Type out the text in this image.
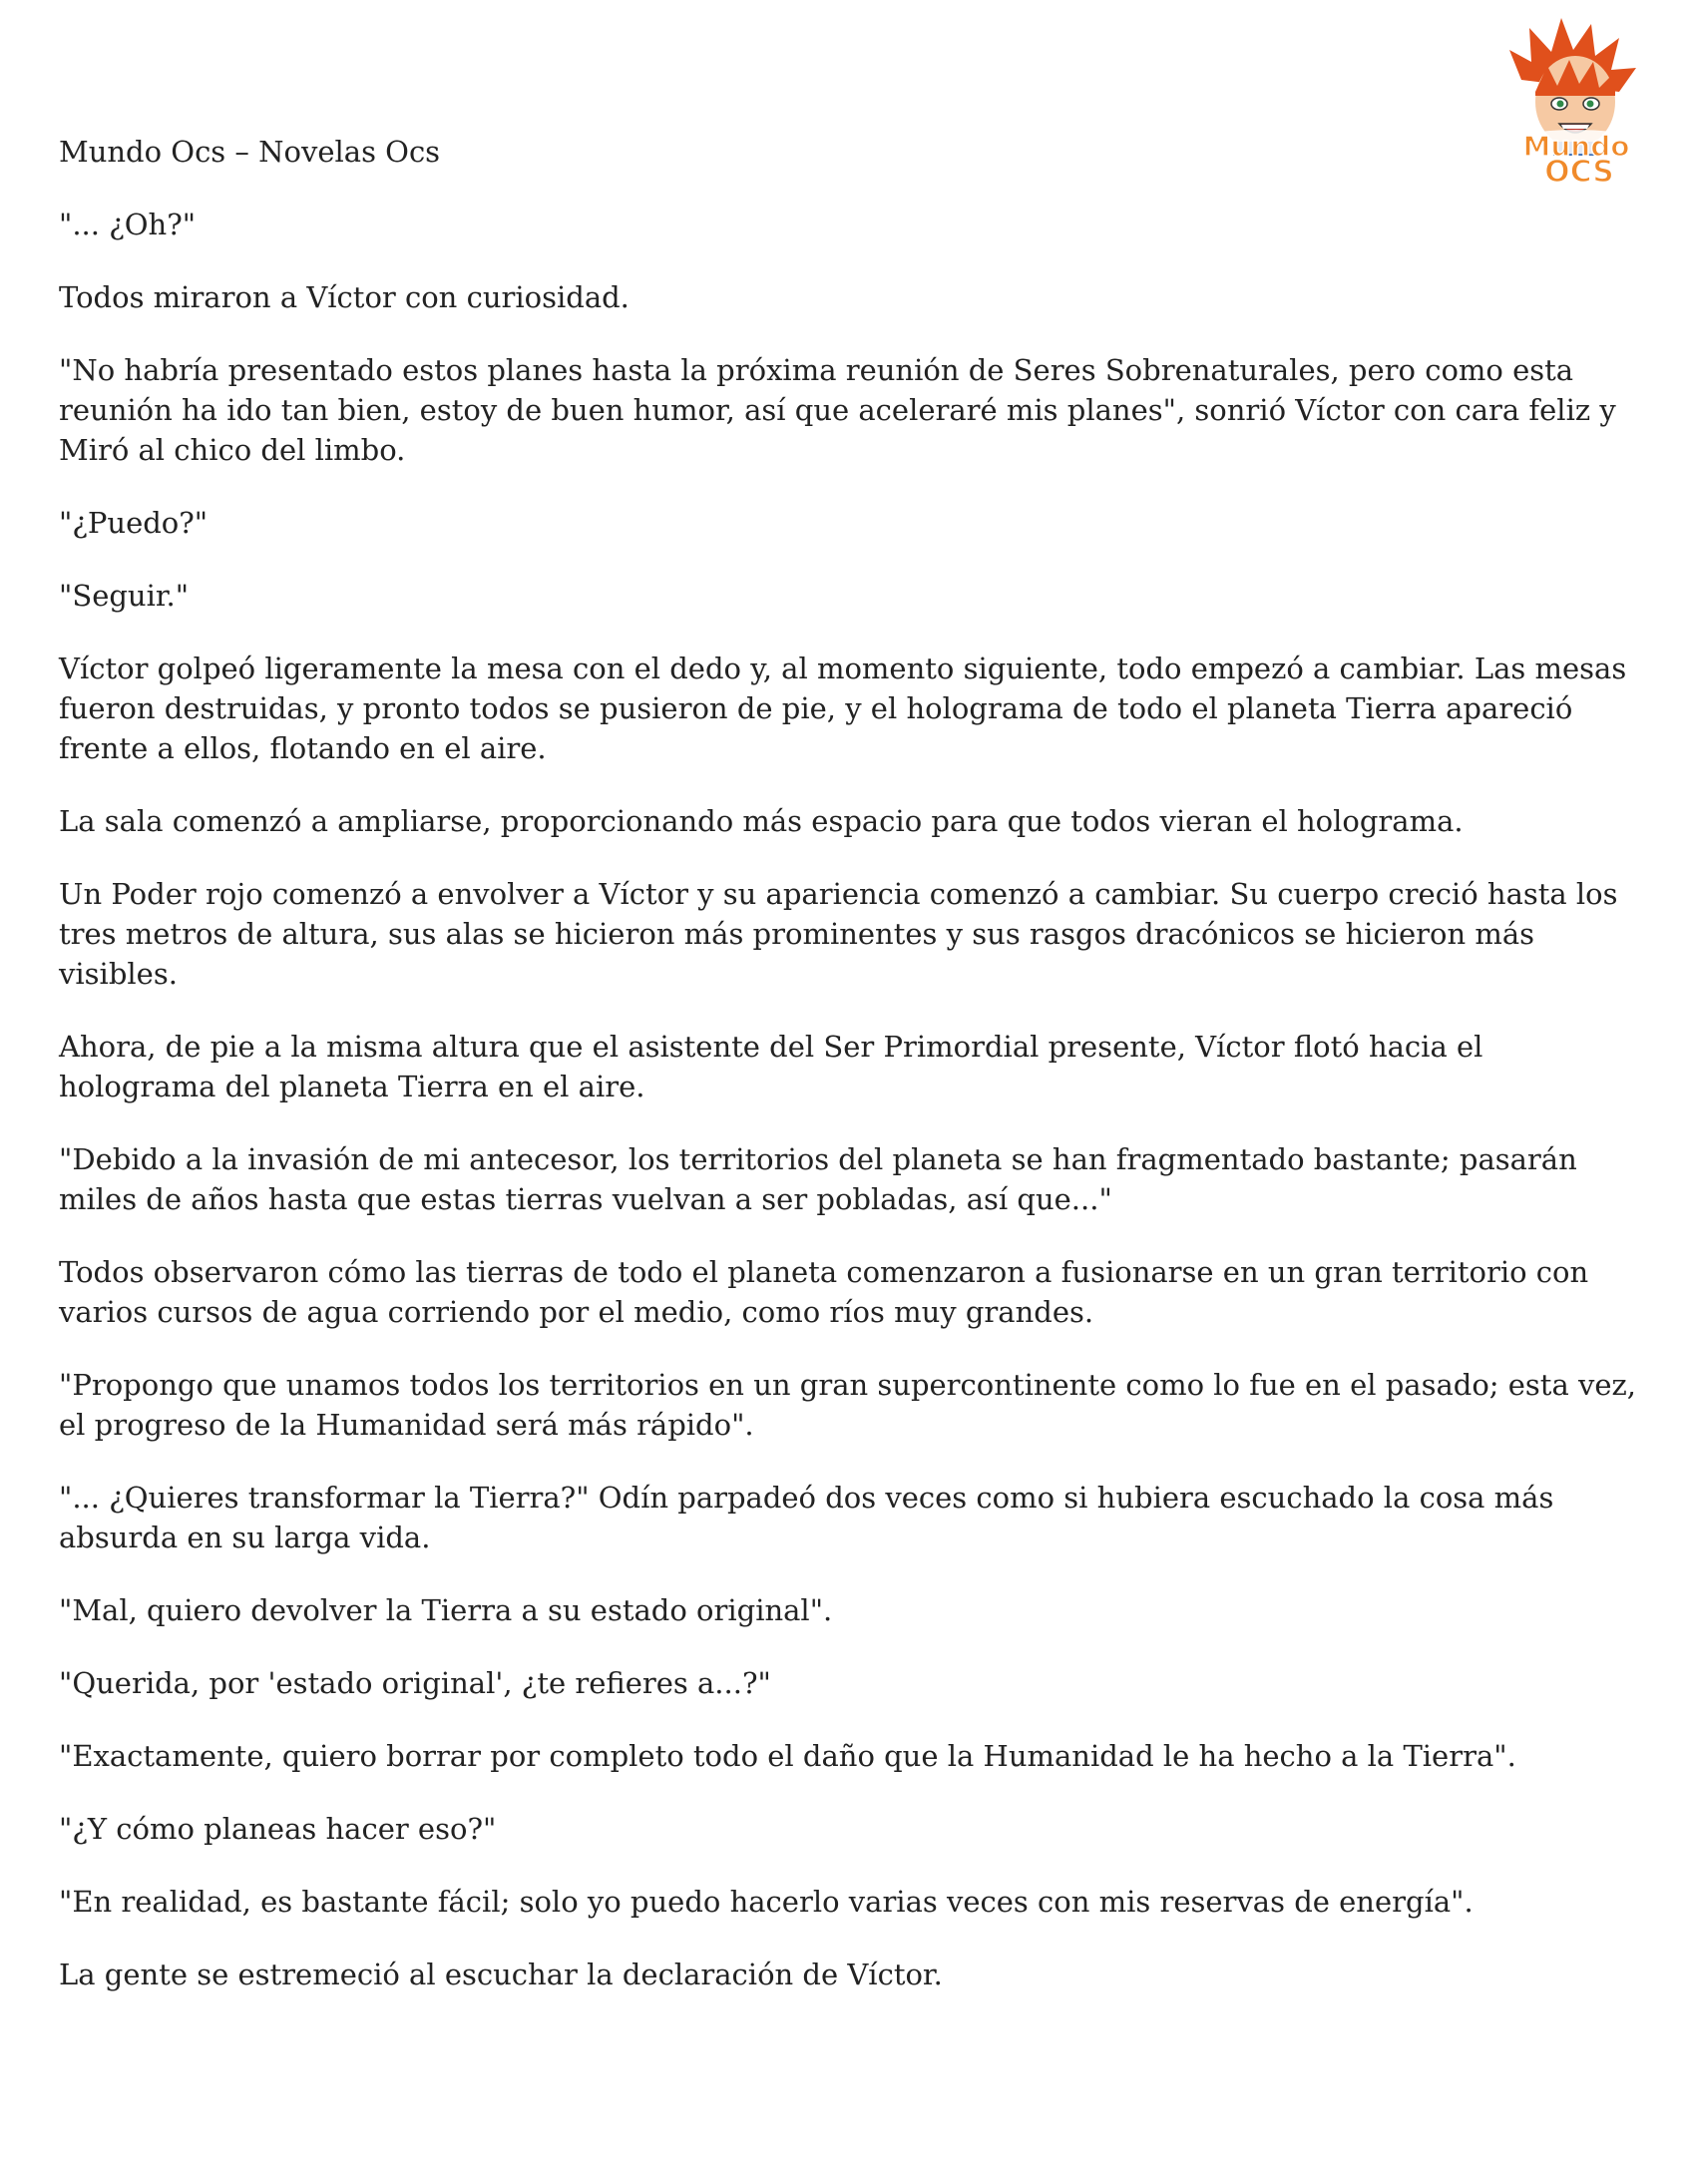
Mundo
OCS
Mundo Ocs – Novelas Ocs

"... ¿Oh?"

Todos miraron a Víctor con curiosidad.

"No habría presentado estos planes hasta la próxima reunión de Seres Sobrenaturales, pero como esta reunión ha ido tan bien, estoy de buen humor, así que aceleraré mis planes", sonrió Víctor con cara feliz y Miró al chico del limbo.

"¿Puedo?"

"Seguir."

Víctor golpeó ligeramente la mesa con el dedo y, al momento siguiente, todo empezó a cambiar. Las mesas fueron destruidas, y pronto todos se pusieron de pie, y el holograma de todo el planeta Tierra apareció frente a ellos, flotando en el aire.

La sala comenzó a ampliarse, proporcionando más espacio para que todos vieran el holograma.

Un Poder rojo comenzó a envolver a Víctor y su apariencia comenzó a cambiar. Su cuerpo creció hasta los tres metros de altura, sus alas se hicieron más prominentes y sus rasgos dracónicos se hicieron más visibles.

Ahora, de pie a la misma altura que el asistente del Ser Primordial presente, Víctor flotó hacia el holograma del planeta Tierra en el aire.

"Debido a la invasión de mi antecesor, los territorios del planeta se han fragmentado bastante; pasarán miles de años hasta que estas tierras vuelvan a ser pobladas, así que..."

Todos observaron cómo las tierras de todo el planeta comenzaron a fusionarse en un gran territorio con varios cursos de agua corriendo por el medio, como ríos muy grandes.

"Propongo que unamos todos los territorios en un gran supercontinente como lo fue en el pasado; esta vez, el progreso de la Humanidad será más rápido".

"... ¿Quieres transformar la Tierra?" Odín parpadeó dos veces como si hubiera escuchado la cosa más absurda en su larga vida.

"Mal, quiero devolver la Tierra a su estado original".

"Querida, por 'estado original', ¿te refieres a...?"

"Exactamente, quiero borrar por completo todo el daño que la Humanidad le ha hecho a la Tierra".

"¿Y cómo planeas hacer eso?"

"En realidad, es bastante fácil; solo yo puedo hacerlo varias veces con mis reservas de energía".

La gente se estremeció al escuchar la declaración de Víctor.
